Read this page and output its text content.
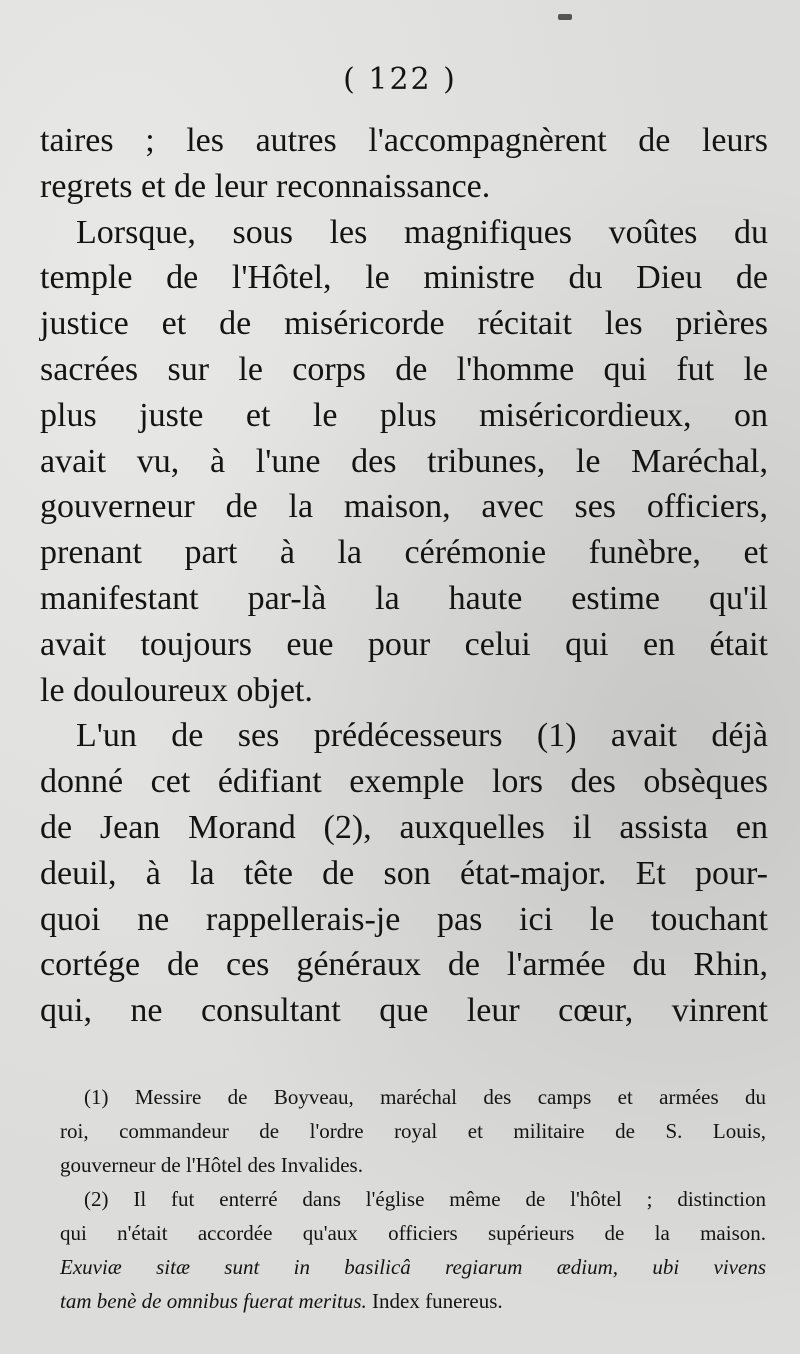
( 122 )
taires ; les autres l'accompagnèrent de leurs
regrets et de leur reconnaissance.
Lorsque, sous les magnifiques voûtes du
temple de l'Hôtel, le ministre du Dieu de
justice et de miséricorde récitait les prières
sacrées sur le corps de l'homme qui fut le
plus juste et le plus miséricordieux, on
avait vu, à l'une des tribunes, le Maréchal,
gouverneur de la maison, avec ses officiers,
prenant part à la cérémonie funèbre, et
manifestant par-là la haute estime qu'il
avait toujours eue pour celui qui en était
le douloureux objet.
L'un de ses prédécesseurs (1) avait déjà
donné cet édifiant exemple lors des obsèques
de Jean Morand (2), auxquelles il assista en
deuil, à la tête de son état-major. Et pour-
quoi ne rappellerais-je pas ici le touchant
cortége de ces généraux de l'armée du Rhin,
qui, ne consultant que leur cœur, vinrent
(1) Messire de Boyveau, maréchal des camps et armées du
roi, commandeur de l'ordre royal et militaire de S. Louis,
gouverneur de l'Hôtel des Invalides.
(2) Il fut enterré dans l'église même de l'hôtel ; distinction
qui n'était accordée qu'aux officiers supérieurs de la maison.
Exuviæ sitæ sunt in basilicâ regiarum ædium, ubi vivens
tam benè de omnibus fuerat meritus. Index funereus.
